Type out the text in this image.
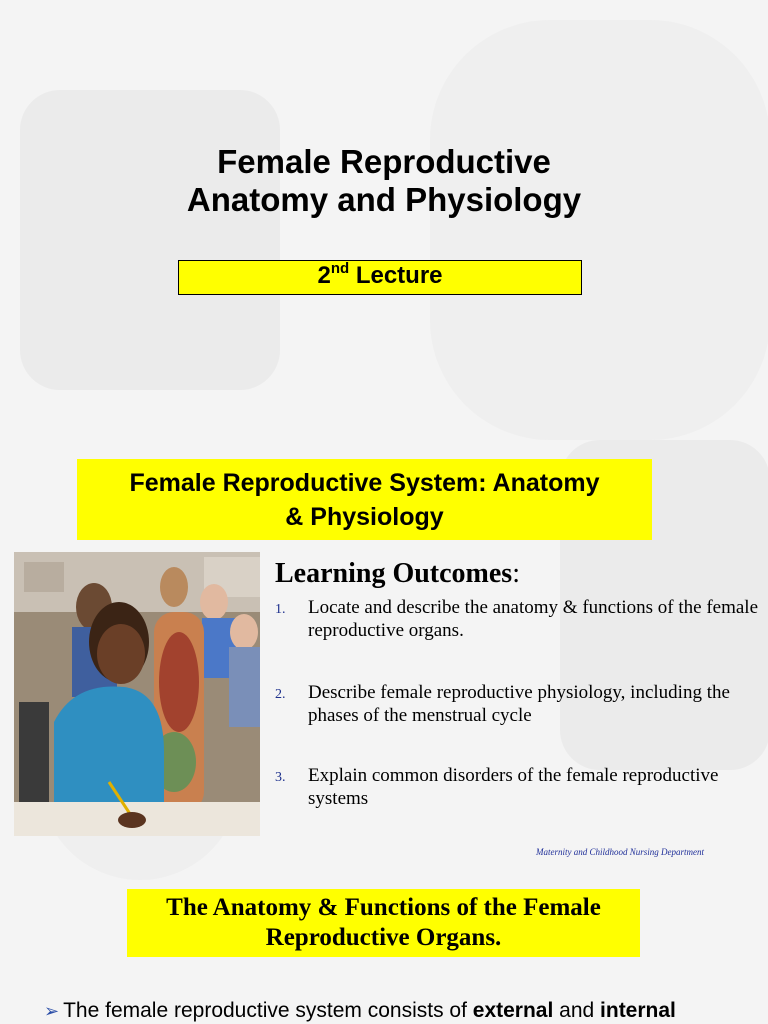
Female Reproductive
Anatomy and Physiology
2nd Lecture
Female Reproductive System: Anatomy
& Physiology
Learning Outcomes:
1. Locate and describe the anatomy & functions of the female reproductive organs.
2. Describe female reproductive physiology, including the phases of the menstrual cycle
3. Explain common disorders of the female reproductive systems
Maternity and Childhood Nursing Department
The Anatomy & Functions of the Female
Reproductive Organs.
➢ The female reproductive system consists of external and internal
